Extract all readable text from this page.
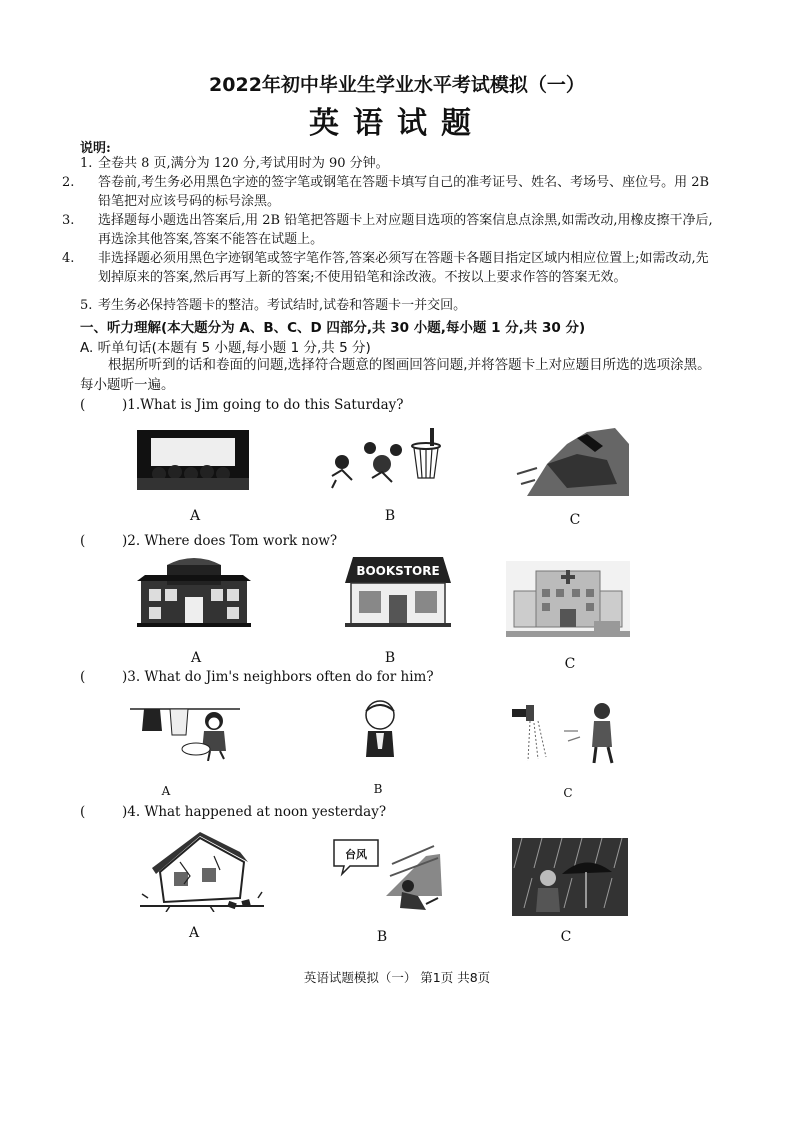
2022年初中毕业生学业水平考试模拟（一）
英语试题
说明:
1. 全卷共 8 页,满分为 120 分,考试用时为 90 分钟。
2. 答卷前,考生务必用黑色字迹的签字笔或钢笔在答题卡填写自己的准考证号、姓名、考场号、座位号。用 2B 铅笔把对应该号码的标号涂黑。
3. 选择题每小题选出答案后,用 2B 铅笔把答题卡上对应题目选项的答案信息点涂黑,如需改动,用橡皮擦干净后,再选涂其他答案,答案不能答在试题上。
4. 非选择题必须用黑色字迹钢笔或签字笔作答,答案必须写在答题卡各题目指定区域内相应位置上;如需改动,先划掉原来的答案,然后再写上新的答案;不使用铅笔和涂改液。不按以上要求作答的答案无效。
5. 考生务必保持答题卡的整洁。考试结时,试卷和答题卡一并交回。
一、听力理解(本大题分为 A、B、C、D 四部分,共 30 小题,每小题 1 分,共 30 分)
A. 听单句话(本题有 5 小题,每小题 1 分,共 5 分)
根据所听到的话和卷面的问题,选择符合题意的图画回答问题,并将答题卡上对应题目所选的选项涂黑。每小题听一遍。
(	)1.What is Jim going to do this Saturday?
A	B	C
(	)2. Where does Tom work now?
BOOKSTORE
A	B	C
(	)3. What do Jim's neighbors often do for him?
A	B	C
(	)4. What happened at noon yesterday?
台风
A	B	C
英语试题模拟（一） 第1页 共8页
